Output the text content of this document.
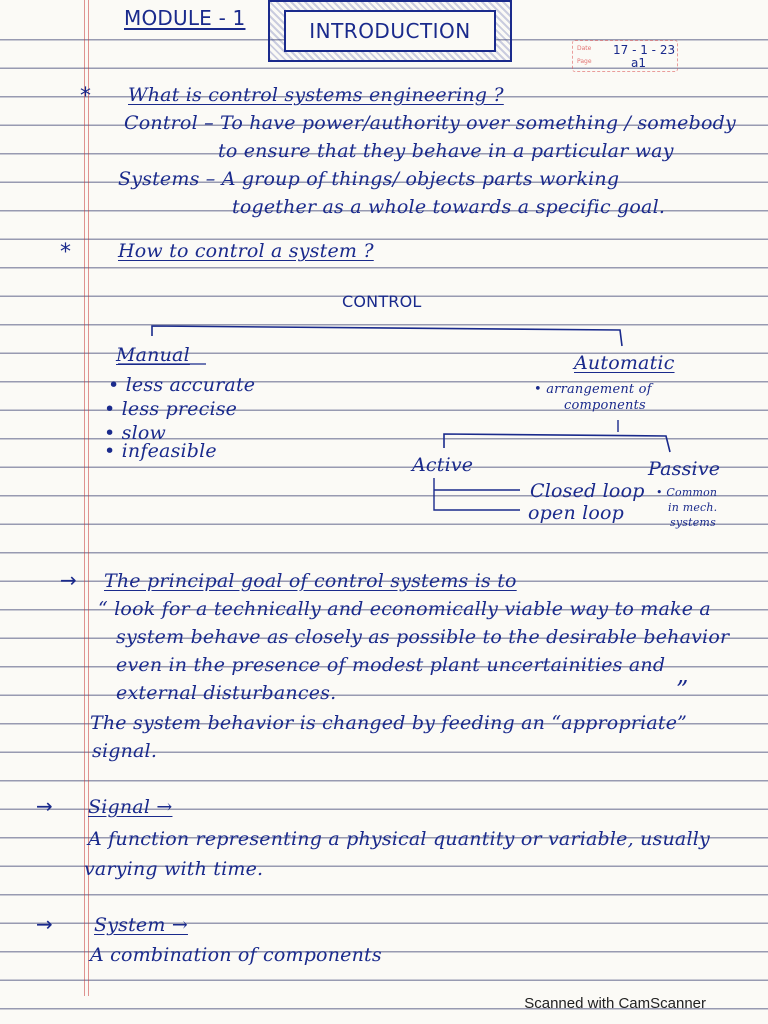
MODULE - 1
INTRODUCTION
Date
Page
17 - 1 - 23
a1
* What is control systems engineering ?
Control – To have power/authority over something / somebody
to ensure that they behave in a particular way
Systems – A group of things/ objects parts working
together as a whole towards a specific goal.
* How to control a system ?
CONTROL
Manual
• less accurate
• less precise
• slow
• infeasible
Automatic
• arrangement of
components
Active	Passive
Closed loop
open loop
• Common
in mech.
systems
→ The principal goal of control systems is to
“ look for a technically and economically viable way to make a
system behave as closely as possible to the desirable behavior
even in the presence of modest plant uncertainities and
external disturbances.	”
The system behavior is changed by feeding an “appropriate”
signal.
→ Signal →
A function representing a physical quantity or variable, usually
varying with time.
→ System →
A combination of components
Scanned with CamScanner
